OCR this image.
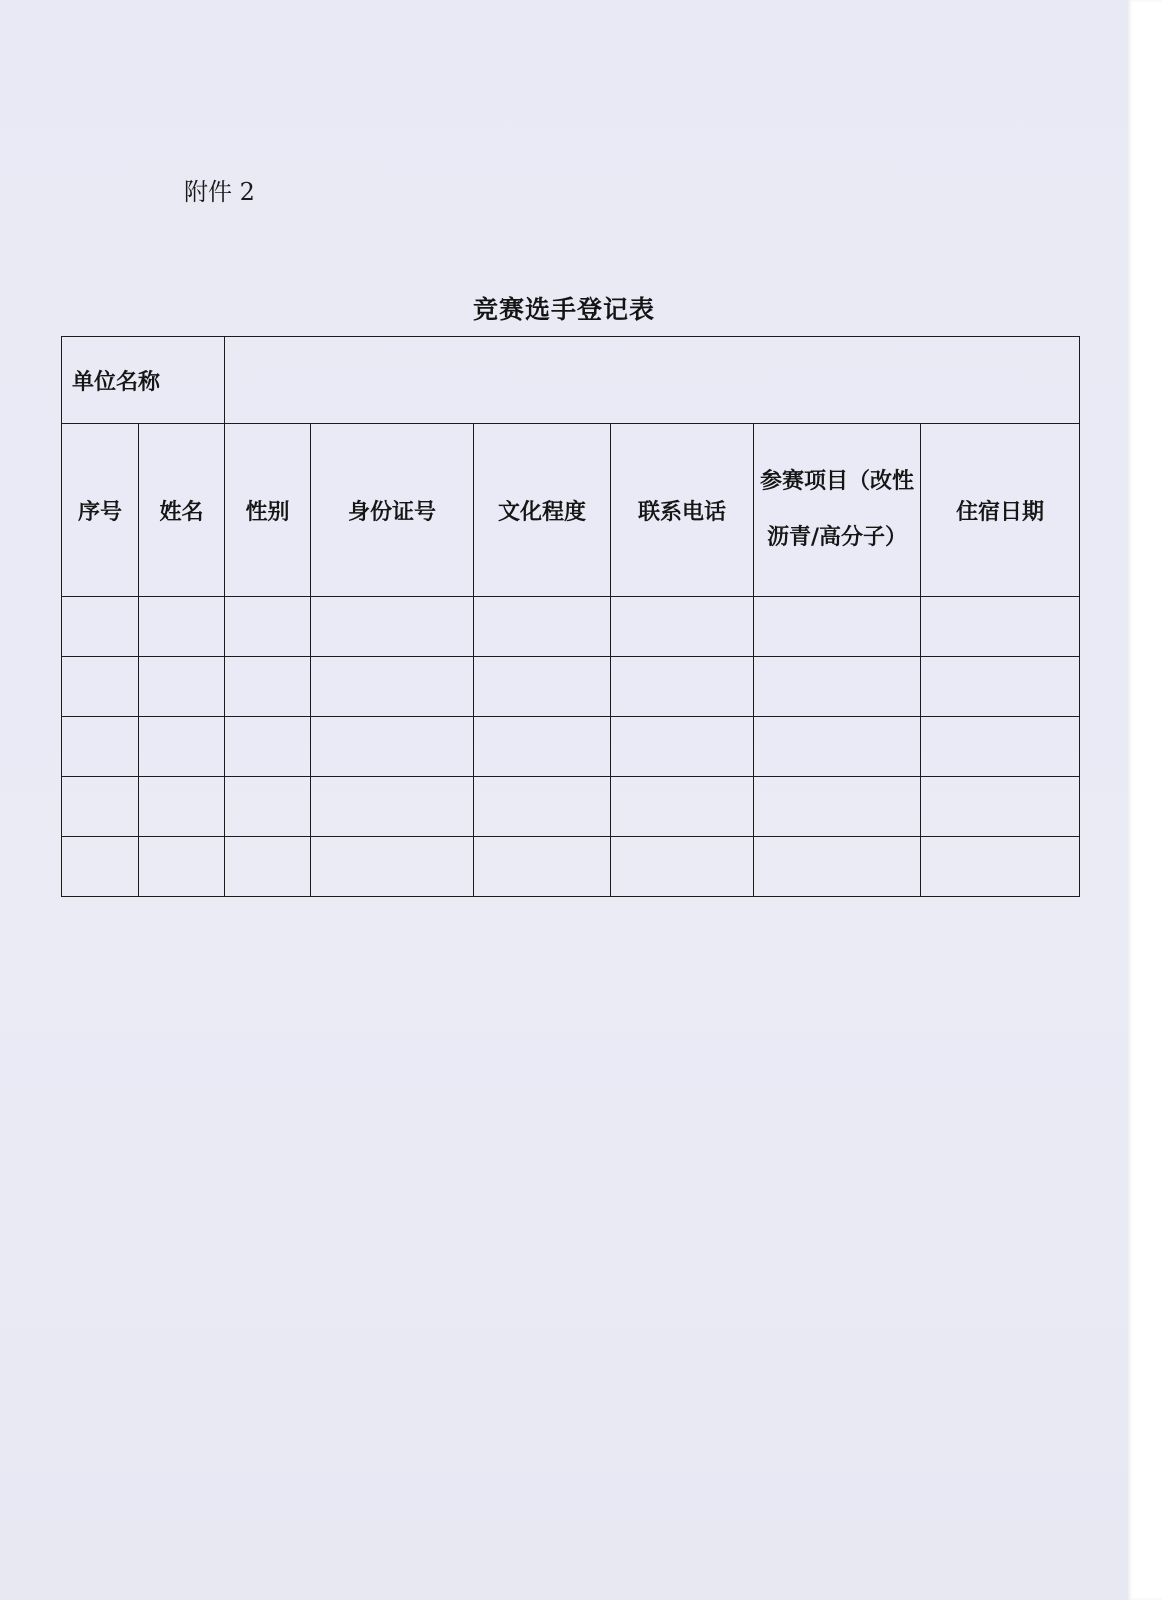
附件 2
竞赛选手登记表
单位名称							
序号	姓名	性别	身份证号	文化程度	联系电话	参赛项目（改性沥青/高分子）	住宿日期
